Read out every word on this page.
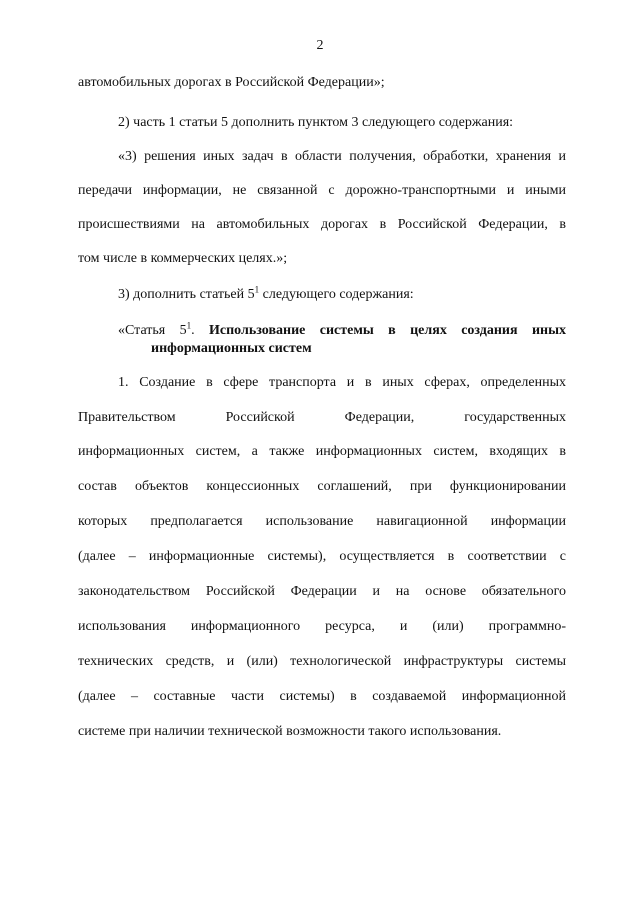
2
автомобильных дорогах в Российской Федерации»;
2) часть 1 статьи 5 дополнить пунктом 3 следующего содержания:
«3) решения иных задач в области получения, обработки, хранения и
передачи информации, не связанной с дорожно-транспортными и иными
происшествиями на автомобильных дорогах в Российской Федерации, в
том числе в коммерческих целях.»;
3) дополнить статьей $5^1$ следующего содержания:
«Статья $5^1$. Использование системы в целях создания иных
информационных систем
1. Создание в сфере транспорта и в иных сферах, определенных
Правительством Российской Федерации, государственных
информационных систем, а также информационных систем, входящих в
состав объектов концессионных соглашений, при функционировании
которых предполагается использование навигационной информации
(далее – информационные системы), осуществляется в соответствии с
законодательством Российской Федерации и на основе обязательного
использования информационного ресурса, и (или) программно-
технических средств, и (или) технологической инфраструктуры системы
(далее – составные части системы) в создаваемой информационной
системе при наличии технической возможности такого использования.
